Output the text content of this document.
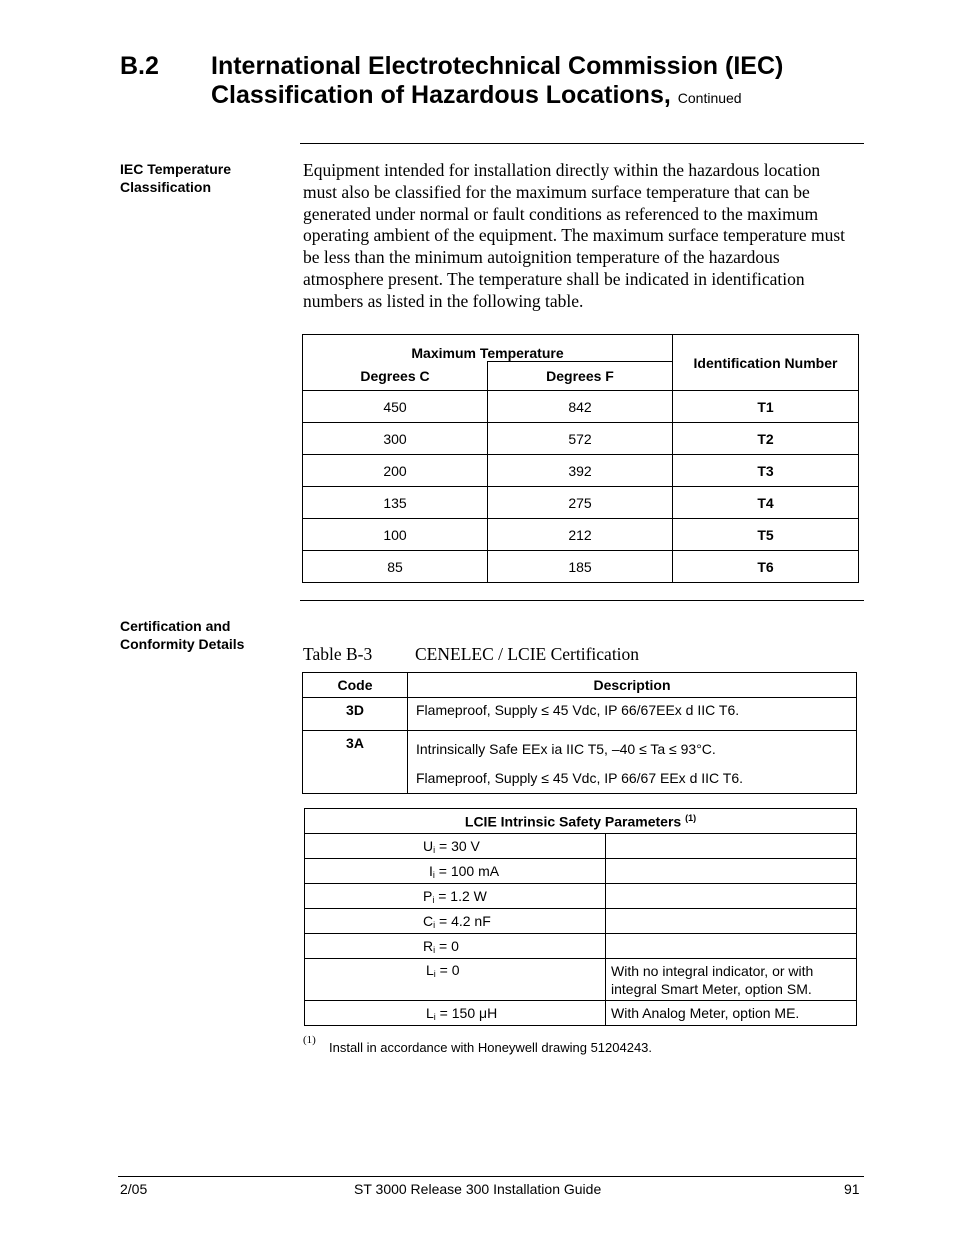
B.2 International Electrotechnical Commission (IEC)
Classification of Hazardous Locations, Continued
IEC Temperature
Classification
Equipment intended for installation directly within the hazardous location must also be classified for the maximum surface temperature that can be generated under normal or fault conditions as referenced to the maximum operating ambient of the equipment. The maximum surface temperature must be less than the minimum autoignition temperature of the hazardous atmosphere present. The temperature shall be indicated in identification numbers as listed in the following table.
Maximum Temperature		Identification Number
Degrees C	Degrees F	
450	842	T1
300	572	T2
200	392	T3
135	275	T4
100	212	T5
85	185	T6
Certification and
Conformity Details	Table B-3 CENELEC / LCIE Certification
Code	Description
3D	Flameproof, Supply ≤ 45 Vdc, IP 66/67EEx d IIC T6.
3A	Intrinsically Safe EEx ia IIC T5, –40 ≤ Ta ≤ 93°C.
Flameproof, Supply ≤ 45 Vdc, IP 66/67 EEx d IIC T6.
LCIE Intrinsic Safety Parameters $^{(1)}$
$U_i = 30$ V	
$I_i = 100$ mA	
$P_i = 1.2$ W	
$C_i = 4.2$ nF	
$R_i = 0$	
$L_i = 0$	With no integral indicator, or with integral Smart Meter, option SM.
$L_i = 150$ μH	With Analog Meter, option ME.
$^{(1)}$ Install in accordance with Honeywell drawing 51204243.
2/05	ST 3000 Release 300 Installation Guide	91
